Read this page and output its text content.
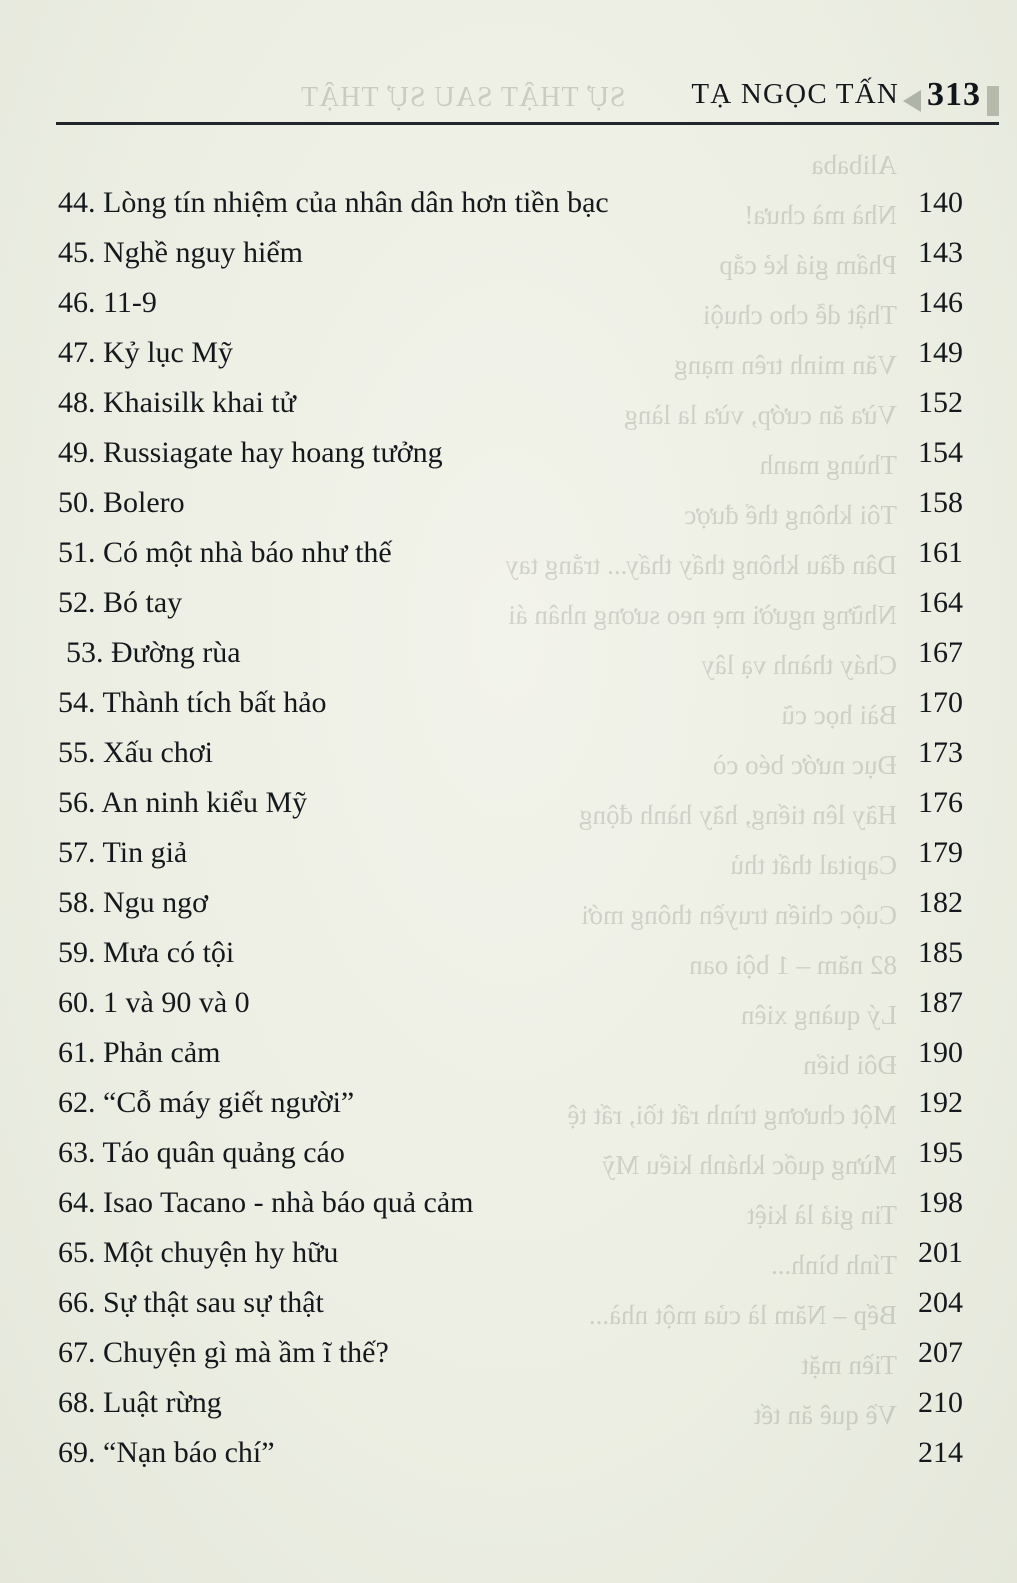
SỰ THẬT SAU SỰ THẬT TẠ NGỌC TẤN 313
44. Lòng tín nhiệm của nhân dân hơn tiền bạc	140
45. Nghề nguy hiểm	143
46. 11-9	146
47. Kỷ lục Mỹ	149
48. Khaisilk khai tử	152
49. Russiagate hay hoang tưởng	154
50. Bolero	158
51. Có một nhà báo như thế	161
52. Bó tay	164
53. Đường rùa	167
54. Thành tích bất hảo	170
55. Xấu chơi	173
56. An ninh kiểu Mỹ	176
57. Tin giả	179
58. Ngu ngơ	182
59. Mưa có tội	185
60. 1 và 90 và 0	187
61. Phản cảm	190
62. “Cỗ máy giết người”	192
63. Táo quân quảng cáo	195
64. Isao Tacano - nhà báo quả cảm	198
65. Một chuyện hy hữu	201
66. Sự thật sau sự thật	204
67. Chuyện gì mà ầm ĩ thế?	207
68. Luật rừng	210
69. “Nạn báo chí”	214
